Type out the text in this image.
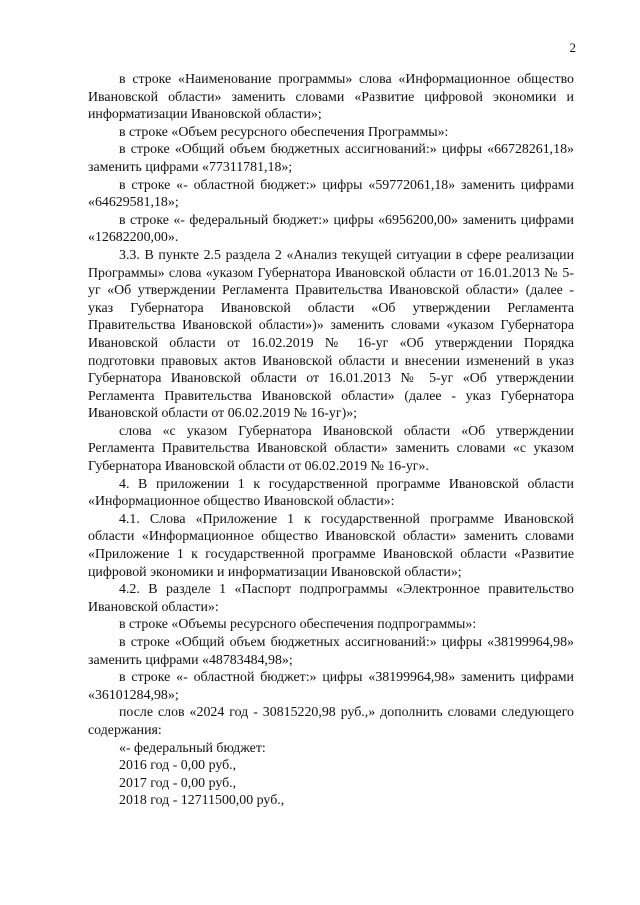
2

в строке «Наименование программы» слова «Информационное общество Ивановской области» заменить словами «Развитие цифровой экономики и информатизации Ивановской области»;

в строке «Объем ресурсного обеспечения Программы»:

в строке «Общий объем бюджетных ассигнований:» цифры «66728261,18» заменить цифрами «77311781,18»;

в строке «- областной бюджет:» цифры «59772061,18» заменить цифрами «64629581,18»;

в строке «- федеральный бюджет:» цифры «6956200,00» заменить цифрами «12682200,00».

3.3. В пункте 2.5 раздела 2 «Анализ текущей ситуации в сфере реализации Программы» слова «указом Губернатора Ивановской области от 16.01.2013 № 5-уг «Об утверждении Регламента Правительства Ивановской области» (далее - указ Губернатора Ивановской области «Об утверждении Регламента Правительства Ивановской области»)» заменить словами «указом Губернатора Ивановской области от 16.02.2019 № 16-уг «Об утверждении Порядка подготовки правовых актов Ивановской области и внесении изменений в указ Губернатора Ивановской области от 16.01.2013 № 5-уг «Об утверждении Регламента Правительства Ивановской области» (далее - указ Губернатора Ивановской области от 06.02.2019 № 16-уг)»;

слова «с указом Губернатора Ивановской области «Об утверждении Регламента Правительства Ивановской области» заменить словами «с указом Губернатора Ивановской области от 06.02.2019 № 16-уг».

4. В приложении 1 к государственной программе Ивановской области «Информационное общество Ивановской области»:

4.1. Слова «Приложение 1 к государственной программе Ивановской области «Информационное общество Ивановской области» заменить словами «Приложение 1 к государственной программе Ивановской области «Развитие цифровой экономики и информатизации Ивановской области»;

4.2. В разделе 1 «Паспорт подпрограммы «Электронное правительство Ивановской области»:

в строке «Объемы ресурсного обеспечения подпрограммы»:

в строке «Общий объем бюджетных ассигнований:» цифры «38199964,98» заменить цифрами «48783484,98»;

в строке «- областной бюджет:» цифры «38199964,98» заменить цифрами «36101284,98»;

после слов «2024 год - 30815220,98 руб.,» дополнить словами следующего содержания:

«- федеральный бюджет:

2016 год - 0,00 руб.,

2017 год - 0,00 руб.,

2018 год - 12711500,00 руб.,
